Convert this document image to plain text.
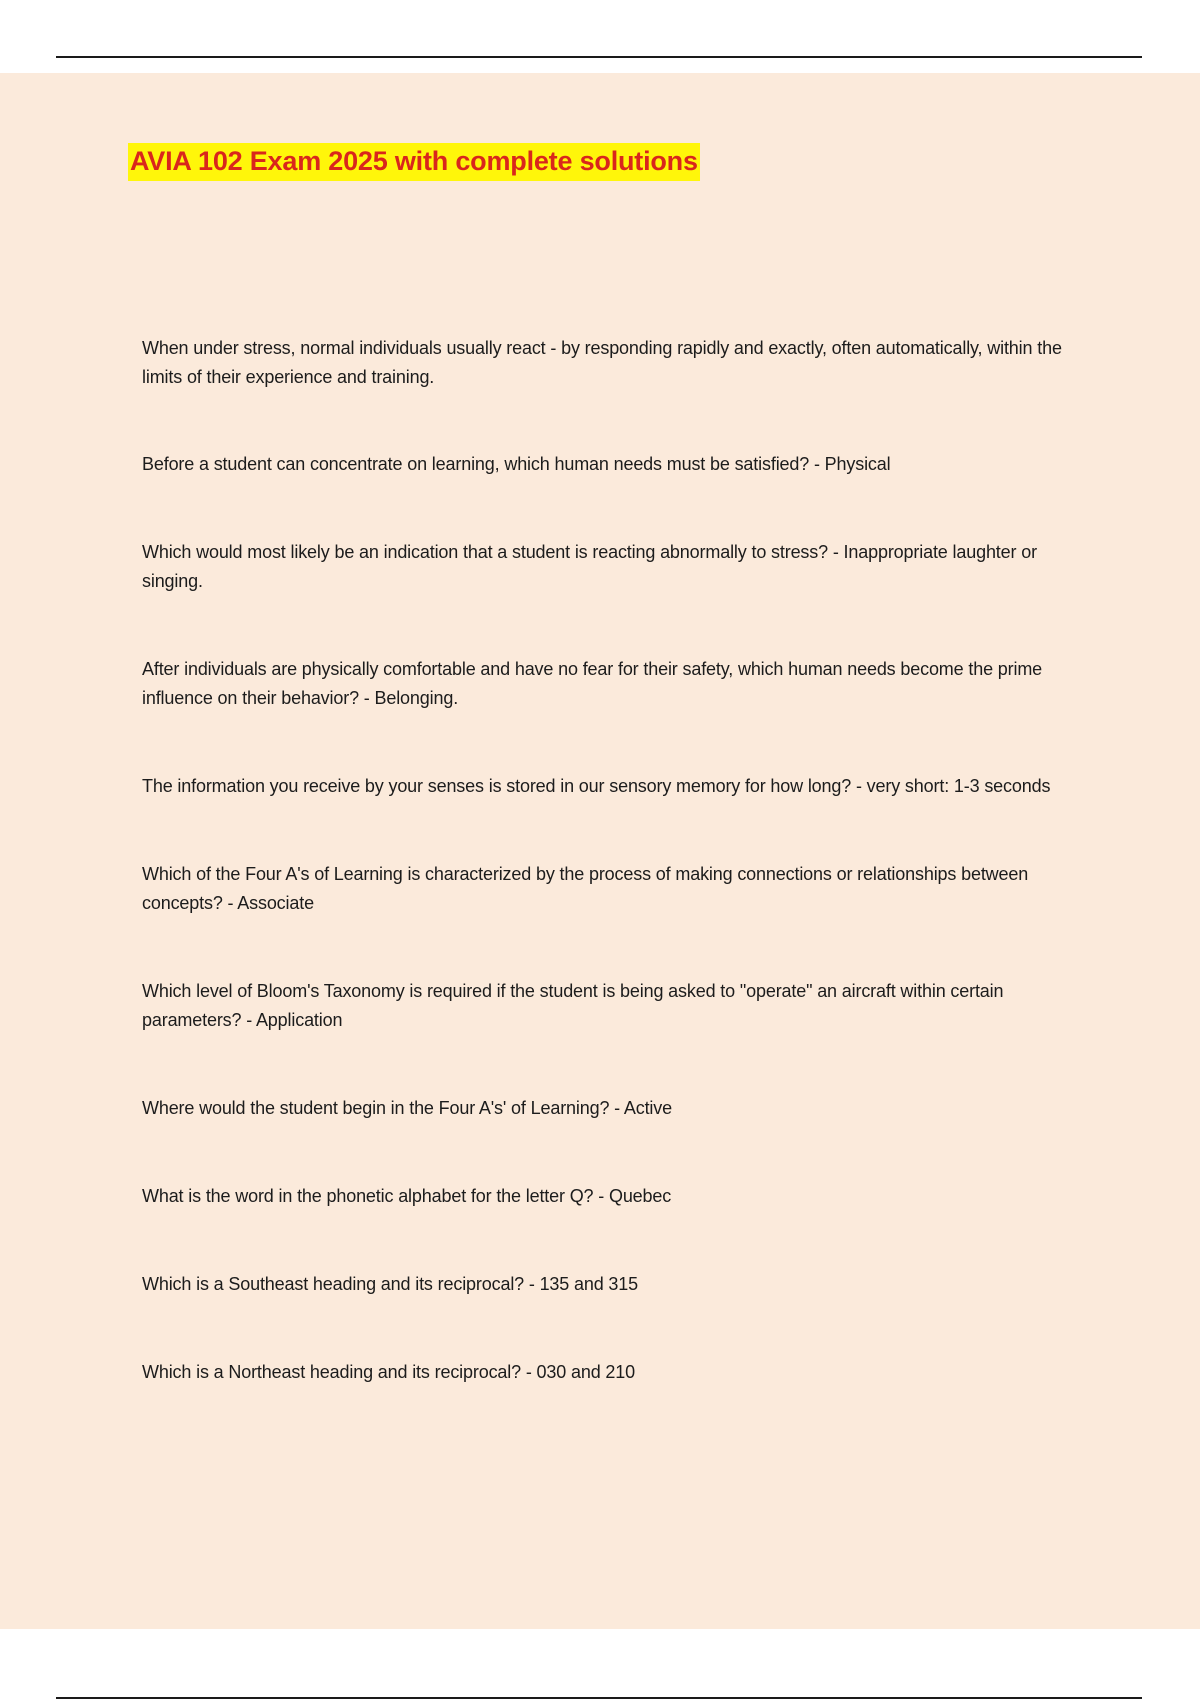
AVIA 102 Exam 2025 with complete solutions
When under stress, normal individuals usually react - by responding rapidly and exactly, often automatically, within the limits of their experience and training.
Before a student can concentrate on learning, which human needs must be satisfied? - Physical
Which would most likely be an indication that a student is reacting abnormally to stress? - Inappropriate laughter or singing.
After individuals are physically comfortable and have no fear for their safety, which human needs become the prime influence on their behavior? - Belonging.
The information you receive by your senses is stored in our sensory memory for how long? - very short: 1-3 seconds
Which of the Four A's of Learning is characterized by the process of making connections or relationships between concepts? - Associate
Which level of Bloom's Taxonomy is required if the student is being asked to "operate" an aircraft within certain parameters? - Application
Where would the student begin in the Four A's' of Learning? - Active
What is the word in the phonetic alphabet for the letter Q? - Quebec
Which is a Southeast heading and its reciprocal? - 135 and 315
Which is a Northeast heading and its reciprocal? - 030 and 210
